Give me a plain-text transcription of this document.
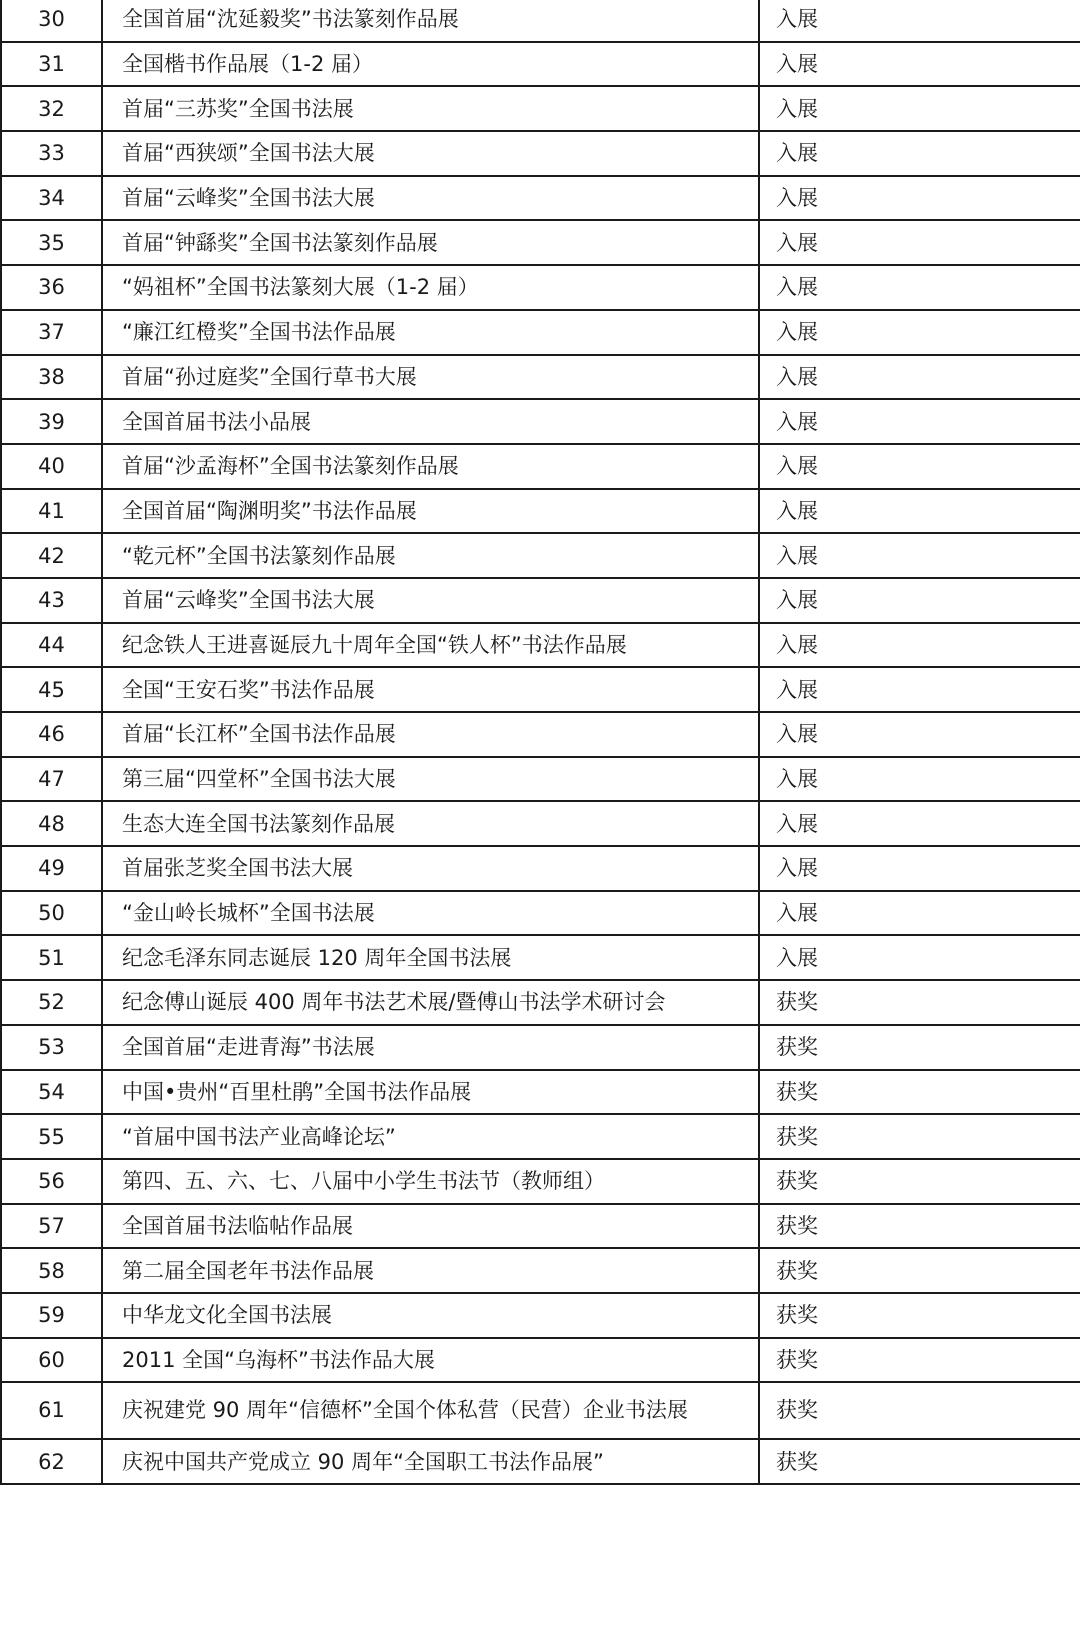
30	全国首届“沈延毅奖”书法篆刻作品展	入展
31	全国楷书作品展（1-2 届）	入展
32	首届“三苏奖”全国书法展	入展
33	首届“西狭颂”全国书法大展	入展
34	首届“云峰奖”全国书法大展	入展
35	首届“钟繇奖”全国书法篆刻作品展	入展
36	“妈祖杯”全国书法篆刻大展（1-2 届）	入展
37	“廉江红橙奖”全国书法作品展	入展
38	首届“孙过庭奖”全国行草书大展	入展
39	全国首届书法小品展	入展
40	首届“沙孟海杯”全国书法篆刻作品展	入展
41	全国首届“陶渊明奖”书法作品展	入展
42	“乾元杯”全国书法篆刻作品展	入展
43	首届“云峰奖”全国书法大展	入展
44	纪念铁人王进喜诞辰九十周年全国“铁人杯”书法作品展	入展
45	全国“王安石奖”书法作品展	入展
46	首届“长江杯”全国书法作品展	入展
47	第三届“四堂杯”全国书法大展	入展
48	生态大连全国书法篆刻作品展	入展
49	首届张芝奖全国书法大展	入展
50	“金山岭长城杯”全国书法展	入展
51	纪念毛泽东同志诞辰 120 周年全国书法展	入展
52	纪念傅山诞辰 400 周年书法艺术展/暨傅山书法学术研讨会	获奖
53	全国首届“走进青海”书法展	获奖
54	中国•贵州“百里杜鹃”全国书法作品展	获奖
55	“首届中国书法产业高峰论坛”	获奖
56	第四、五、六、七、八届中小学生书法节（教师组）	获奖
57	全国首届书法临帖作品展	获奖
58	第二届全国老年书法作品展	获奖
59	中华龙文化全国书法展	获奖
60	2011 全国“乌海杯”书法作品大展	获奖
61	庆祝建党 90 周年“信德杯”全国个体私营（民营）企业书法展	获奖
62	庆祝中国共产党成立 90 周年“全国职工书法作品展”	获奖
